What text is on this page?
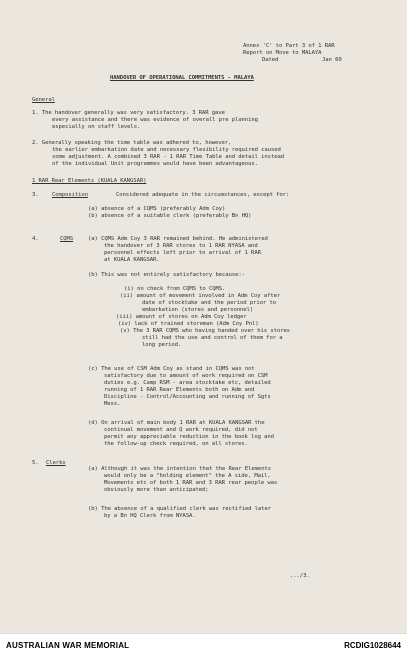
Annex 'C' to Part 3 of 1 RAR
Report on Move to MALAYA
Dated	Jan 60
HANDOVER OF OPERATIONAL COMMITMENTS - MALAYA
General
1. The handover generally was very satisfactory. 3 RAR gave
every assistance and there was evidence of overall pre planning
especially on staff levels.
2. Generally speaking the time table was adhered to, however,
the earlier embarkation date and necessary flexibility required caused
some adjustment. A combined 3 RAR - 1 RAR Time Table and detail instead
of the individual Unit programmes would have been advantageous.
1 RAR Rear Elements (KUALA KANGSAR)
3. Composition	Considered adequate in the circumstances, except for:
(a) absence of a CQMS (preferably Adm Coy)
(b) absence of a suitable clerk (preferably Bn HQ)
4.	CQMS	(a) CQMS Adm Coy 3 RAR remained behind. He administered
the handover of 3 RAR stores to 1 RAR NYASA and
personnel effects left prior to arrival of 1 RAR
at KUALA KANGSAR.
(b) This was not entirely satisfactory because:-
(i) no check from CQMS to CQMS.
(ii) amount of movement involved in Adm Coy after
date of stocktake and the period prior to
embarkation (stores and personnel)
(iii) amount of stores on Adm Coy ledger
(iv) lack of trained storeman (Adm Coy Pnl)
(v) The 3 RAR CQMS who having handed over his stores
still had the use and control of them for a
long period.
(c) The use of CSM Adm Coy as stand in CQMS was not
satisfactory due to amount of work required on CSM
duties e.g. Camp RSM - area stocktake etc, detailed
running of 1 RAR Rear Elements both on Adm and
Discipline - Control/Accounting and running of Sgts
Mess.
(d) On arrival of main body 1 RAR at KUALA KANGSAR the
continual movement and Q work required, did not
permit any appreciable reduction in the book log and
the follow-up check required, on all stores.
5. Clerks
(a) Although it was the intention that the Rear Elements
would only be a "holding element" the A side, Mail,
Movements etc of both 1 RAR and 3 RAR rear people was
obviously more than anticipated;
(b) The absence of a qualified clerk was rectified later
by a Bn HQ Clerk from NYASA.
.../3.
AUSTRALIAN WAR MEMORIAL	RCDIG1028644
